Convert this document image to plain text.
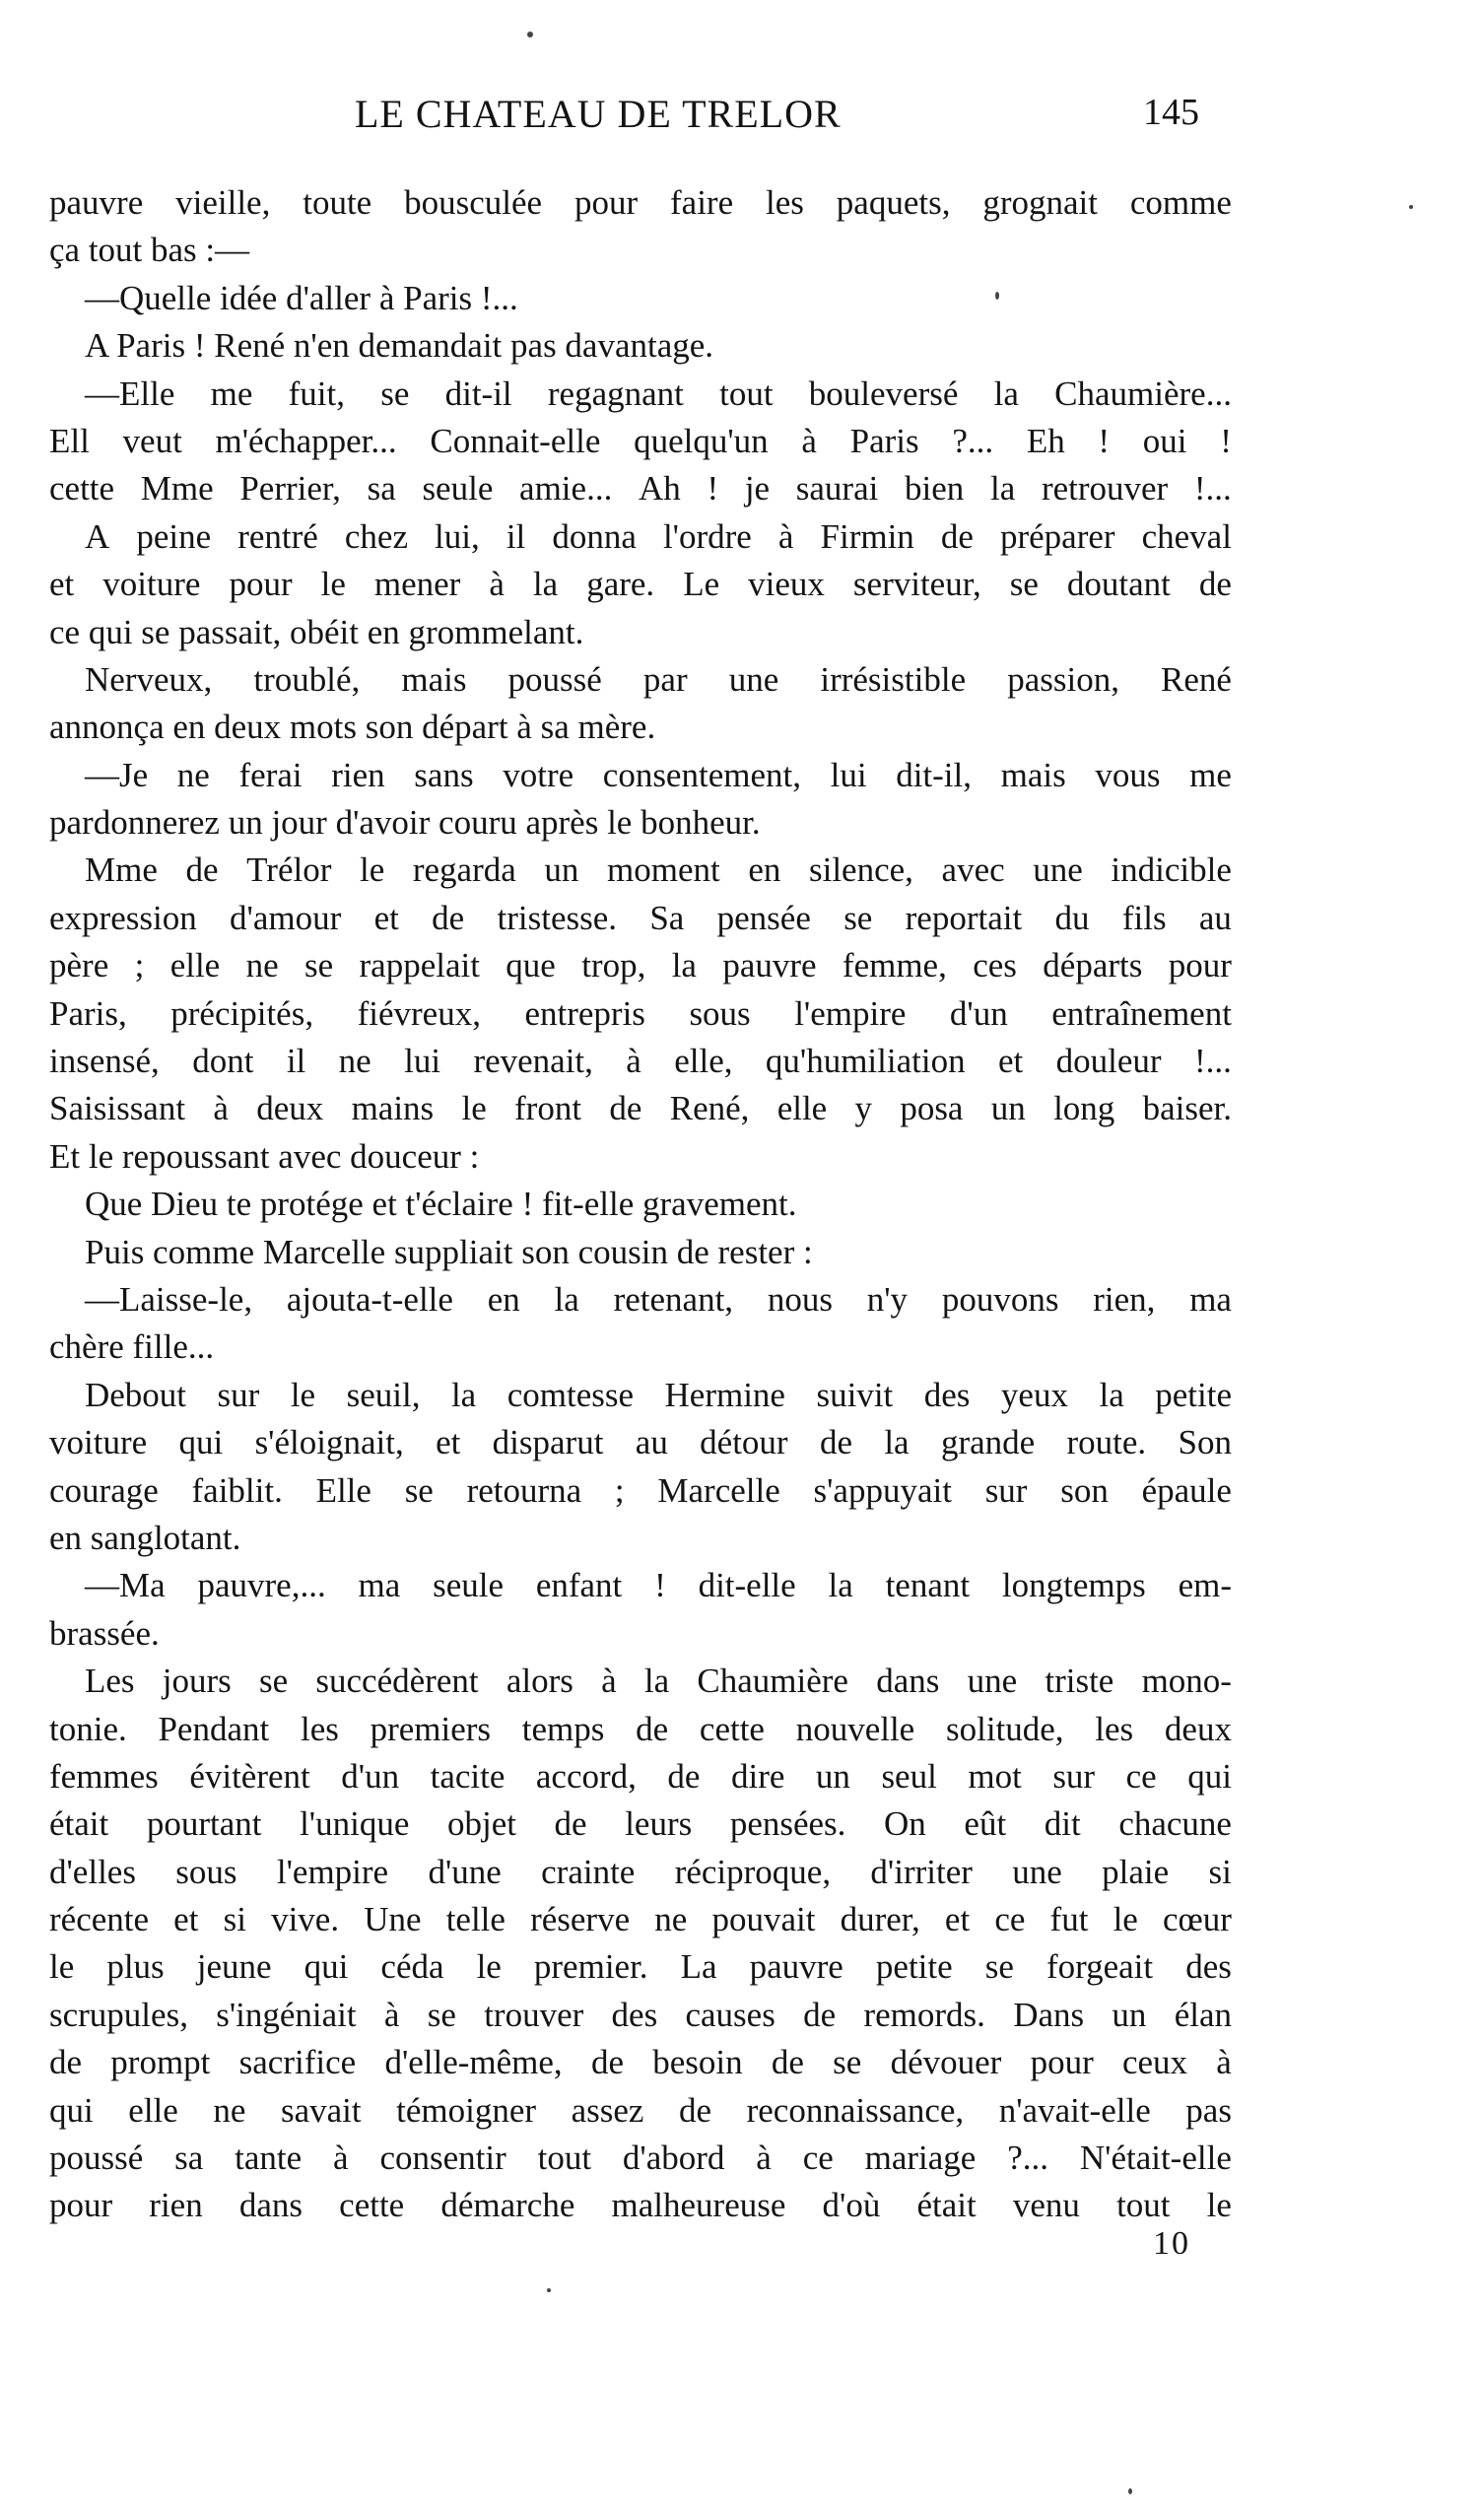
LE CHATEAU DE TRELOR	145
pauvre vieille, toute bousculée pour faire les paquets, grognait comme
ça tout bas :—
—Quelle idée d'aller à Paris !...
A Paris ! René n'en demandait pas davantage.
—Elle me fuit, se dit-il regagnant tout bouleversé la Chaumière...
Ell veut m'échapper... Connait-elle quelqu'un à Paris ?... Eh ! oui !
cette Mme Perrier, sa seule amie... Ah ! je saurai bien la retrouver !...
A peine rentré chez lui, il donna l'ordre à Firmin de préparer cheval
et voiture pour le mener à la gare. Le vieux serviteur, se doutant de
ce qui se passait, obéit en grommelant.
Nerveux, troublé, mais poussé par une irrésistible passion, René
annonça en deux mots son départ à sa mère.
—Je ne ferai rien sans votre consentement, lui dit-il, mais vous me
pardonnerez un jour d'avoir couru après le bonheur.
Mme de Trélor le regarda un moment en silence, avec une indicible
expression d'amour et de tristesse. Sa pensée se reportait du fils au
père ; elle ne se rappelait que trop, la pauvre femme, ces départs pour
Paris, précipités, fiévreux, entrepris sous l'empire d'un entraînement
insensé, dont il ne lui revenait, à elle, qu'humiliation et douleur !...
Saisissant à deux mains le front de René, elle y posa un long baiser.
Et le repoussant avec douceur :
Que Dieu te protége et t'éclaire ! fit-elle gravement.
Puis comme Marcelle suppliait son cousin de rester :
—Laisse-le, ajouta-t-elle en la retenant, nous n'y pouvons rien, ma
chère fille...
Debout sur le seuil, la comtesse Hermine suivit des yeux la petite
voiture qui s'éloignait, et disparut au détour de la grande route. Son
courage faiblit. Elle se retourna ; Marcelle s'appuyait sur son épaule
en sanglotant.
—Ma pauvre,... ma seule enfant ! dit-elle la tenant longtemps em-
brassée.
Les jours se succédèrent alors à la Chaumière dans une triste mono-
tonie. Pendant les premiers temps de cette nouvelle solitude, les deux
femmes évitèrent d'un tacite accord, de dire un seul mot sur ce qui
était pourtant l'unique objet de leurs pensées. On eût dit chacune
d'elles sous l'empire d'une crainte réciproque, d'irriter une plaie si
récente et si vive. Une telle réserve ne pouvait durer, et ce fut le cœur
le plus jeune qui céda le premier. La pauvre petite se forgeait des
scrupules, s'ingéniait à se trouver des causes de remords. Dans un élan
de prompt sacrifice d'elle-même, de besoin de se dévouer pour ceux à
qui elle ne savait témoigner assez de reconnaissance, n'avait-elle pas
poussé sa tante à consentir tout d'abord à ce mariage ?... N'était-elle
pour rien dans cette démarche malheureuse d'où était venu tout le
10
